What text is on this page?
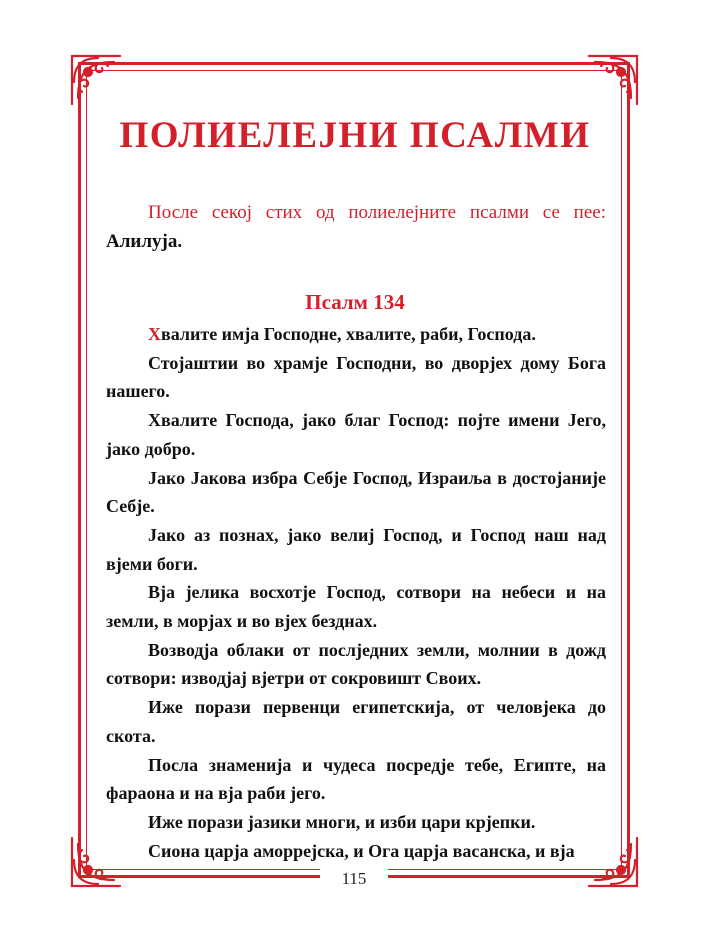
ПОЛИЕЛЕЈНИ ПСАЛМИ
После секој стих од полиелејните псалми се пее: Алилуја.
Псалм 134
Хвалите имја Господне, хвалите, раби, Господа.
Стојаштии во храмје Господни, во дворјех дому Бога нашего.
Хвалите Господа, јако благ Господ: појте имени Јего, јако добро.
Јако Јакова избра Себје Господ, Израиља в достојаније Себје.
Јако аз познах, јако велиј Господ, и Господ наш над вјеми боги.
Вјa јелика восхотје Господ, сотвори на небеси и на земли, в морјах и во вјех безднах.
Возводја облаки от послједних земли, молнии в дожд сотвори: изводјај вјетри от сокровишт Своих.
Иже порази первенци египетскија, от человјека до скота.
Посла знаменија и чудеса посредје тебе, Египте, на фараона и на вја раби јего.
Иже порази јазики многи, и изби цари крјепки.
Сиона царја аморрејска, и Ога царја васанска, и вја
115
